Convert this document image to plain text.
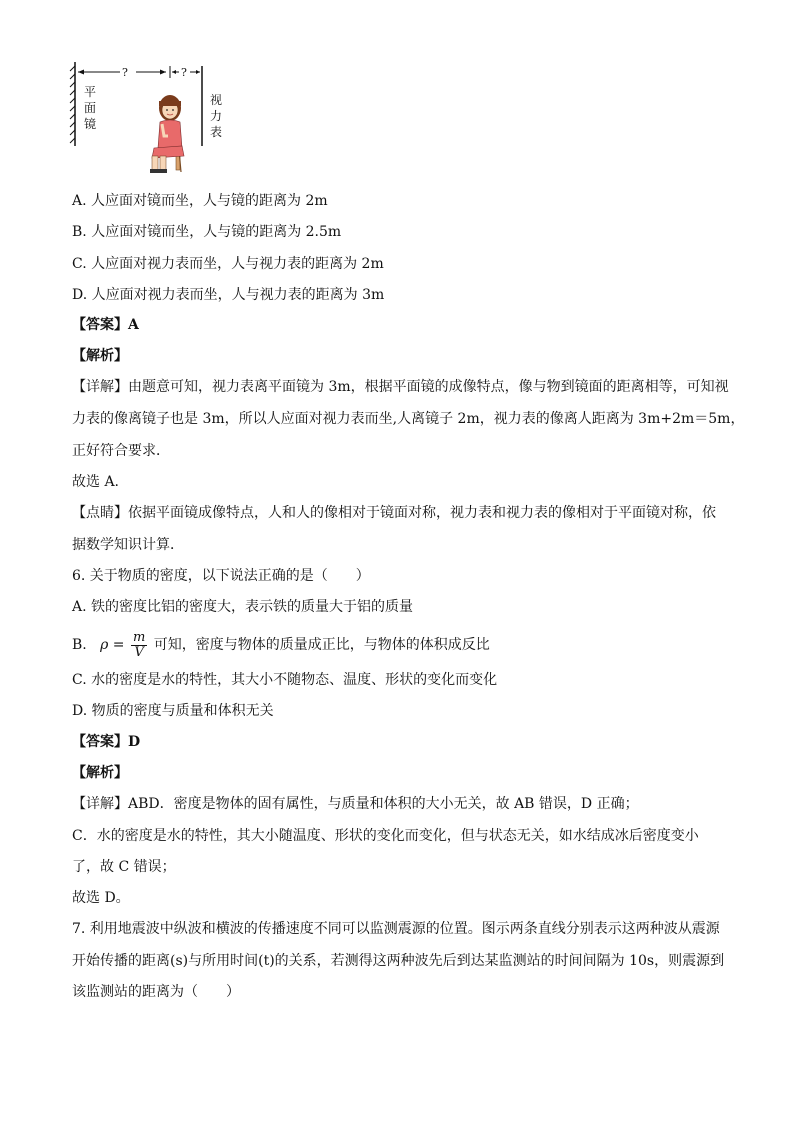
?	?
平面镜
视力表
A. 人应面对镜而坐，人与镜的距离为 2m
B. 人应面对镜而坐，人与镜的距离为 2.5m
C. 人应面对视力表而坐，人与视力表的距离为 2m
D. 人应面对视力表而坐，人与视力表的距离为 3m
【答案】A
【解析】
【详解】由题意可知，视力表离平面镜为 3m，根据平面镜的成像特点，像与物到镜面的距离相等，可知视
力表的像离镜子也是 3m，所以人应面对视力表而坐,人离镜子 2m，视力表的像离人距离为 3m+2m＝5m，
正好符合要求．
故选 A.
【点睛】依据平面镜成像特点，人和人的像相对于镜面对称，视力表和视力表的像相对于平面镜对称，依
据数学知识计算．
6. 关于物质的密度，以下说法正确的是（　　）
A. 铁的密度比铝的密度大，表示铁的质量大于铝的质量
B. $\rho = \frac{m}{V}$ 可知，密度与物体的质量成正比，与物体的体积成反比
C. 水的密度是水的特性，其大小不随物态、温度、形状的变化而变化
D. 物质的密度与质量和体积无关
【答案】D
【解析】
【详解】ABD．密度是物体的固有属性，与质量和体积的大小无关，故 AB 错误，D 正确；
C．水的密度是水的特性，其大小随温度、形状的变化而变化，但与状态无关，如水结成冰后密度变小
了，故 C 错误；
故选 D。
7. 利用地震波中纵波和横波的传播速度不同可以监测震源的位置。图示两条直线分别表示这两种波从震源
开始传播的距离(s)与所用时间(t)的关系，若测得这两种波先后到达某监测站的时间间隔为 10s，则震源到
该监测站的距离为（　　）
